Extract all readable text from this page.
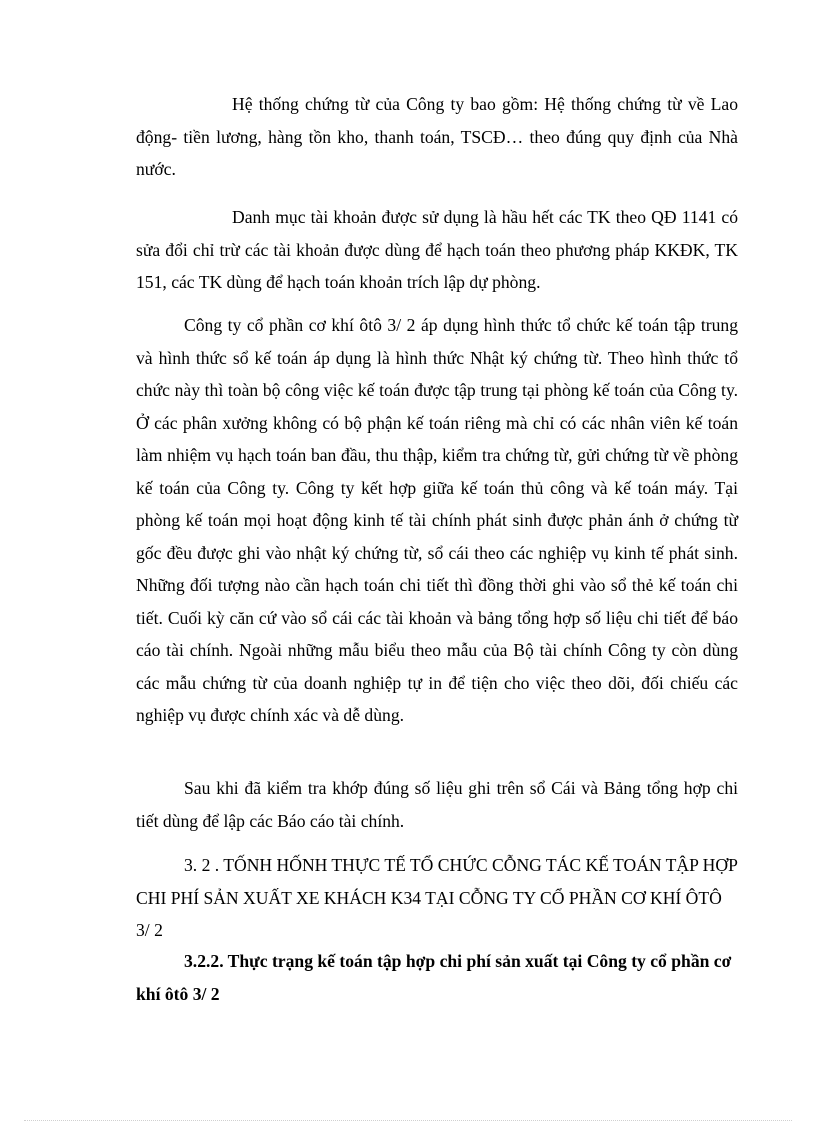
Hệ thống chứng từ của Công ty bao gồm: Hệ thống chứng từ về Lao động- tiền lương, hàng tồn kho, thanh toán, TSCĐ… theo đúng quy định của Nhà nước.

Danh mục tài khoản được sử dụng là hầu hết các TK theo QĐ 1141 có sửa đổi chỉ trừ các tài khoản được dùng để hạch toán theo phương pháp KKĐK, TK 151, các TK dùng để hạch toán khoản trích lập dự phòng.

Công ty cổ phần cơ khí ôtô 3/ 2 áp dụng hình thức tổ chức kế toán tập trung và hình thức sổ kế toán áp dụng là hình thức Nhật ký chứng từ. Theo hình thức tổ chức này thì toàn bộ công việc kế toán được tập trung tại phòng kế toán của Công ty. Ở các phân xưởng không có bộ phận kế toán riêng mà chỉ có các nhân viên kế toán làm nhiệm vụ hạch toán ban đầu, thu thập, kiểm tra chứng từ, gửi chứng từ về phòng kế toán của Công ty. Công ty kết hợp giữa kế toán thủ công và kế toán máy. Tại phòng kế toán mọi hoạt động kinh tế tài chính phát sinh được phản ánh ở chứng từ gốc đều được ghi vào nhật ký chứng từ, sổ cái theo các nghiệp vụ kinh tế phát sinh. Những đối tượng nào cần hạch toán chi tiết thì đồng thời ghi vào sổ thẻ kế toán chi tiết. Cuối kỳ căn cứ vào sổ cái các tài khoản và bảng tổng hợp số liệu chi tiết để báo cáo tài chính. Ngoài những mẫu biểu theo mẫu của Bộ tài chính Công ty còn dùng các mẫu chứng từ của doanh nghiệp tự in để tiện cho việc theo dõi, đối chiếu các nghiệp vụ được chính xác và dễ dùng.

Sau khi đã kiểm tra khớp đúng số liệu ghi trên sổ Cái và Bảng tổng hợp chi tiết dùng để lập các Báo cáo tài chính.

3. 2 . TỐNH HỐNH THỰC TẾ TỔ CHỨC CỖNG TÁC KẾ TOÁN TẬP HỢP CHI PHÍ SẢN XUẤT XE KHÁCH K34 TẠI CỖNG TY CỔ PHẦN CƠ KHÍ ÔTÔ 3/ 2

3.2.2. Thực trạng kế toán tập hợp chi phí sản xuất tại Công ty cổ phần cơ khí ôtô 3/ 2
